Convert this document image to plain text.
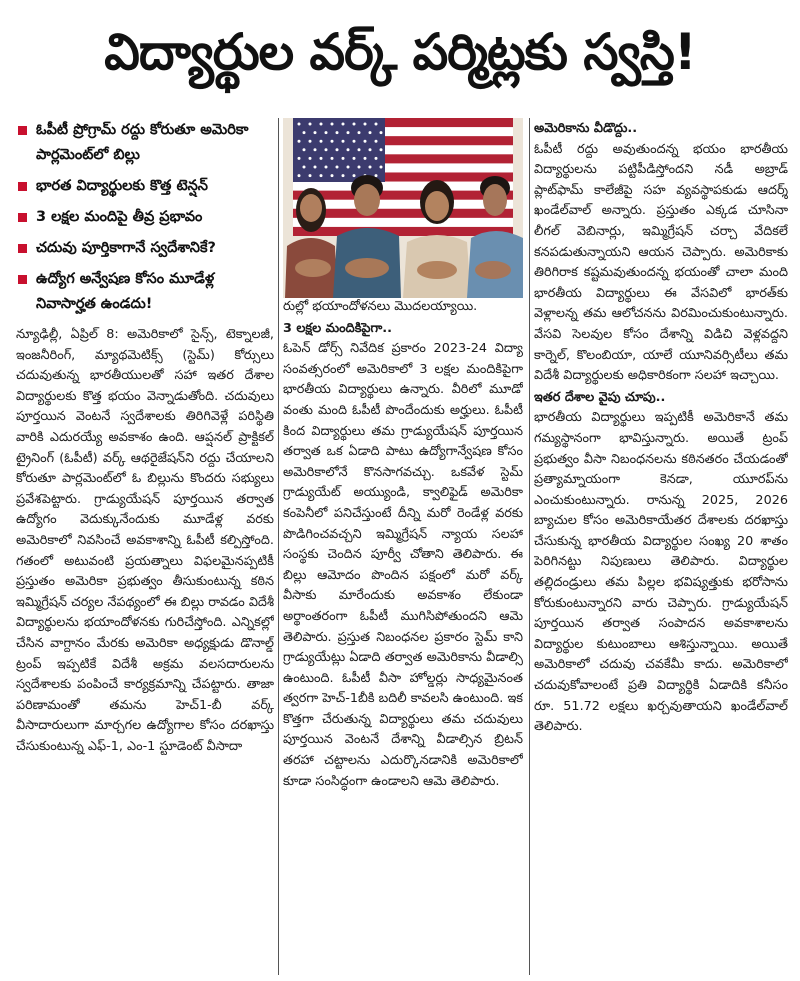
విద్యార్థుల వర్క్ పర్మిట్లకు స్వస్తి!
ఓపీటీ ప్రోగ్రామ్ రద్దు కోరుతూ అమెరికా పార్లమెంట్‌లో బిల్లు
భారత విద్యార్థులకు కొత్త టెన్షన్
3 లక్షల మందిపై తీవ్ర ప్రభావం
చదువు పూర్తికాగానే స్వదేశానికే?
ఉద్యోగ అన్వేషణ కోసం మూడేళ్ల నివాసార్హత ఉండదు!

న్యూఢిల్లీ, ఏప్రిల్ 8: అమెరికాలో సైన్స్, టెక్నాలజీ, ఇంజనీరింగ్, మ్యాథమెటిక్స్ (స్టెమ్) కోర్సులు చదువుతున్న భారతీయులతో సహా ఇతర దేశాల విద్యార్థులకు కొత్త భయం వెన్నాడుతోంది. చదువులు పూర్తయిన వెంటనే స్వదేశాలకు తిరిగివెళ్లే పరిస్థితి వారికి ఎదురయ్యే అవకాశం ఉంది. ఆప్షనల్ ప్రాక్టికల్ ట్రైనింగ్ (ఓపీటీ) వర్క్ ఆథరైజేషన్‌ని రద్దు చేయాలని కోరుతూ పార్లమెంట్‌లో ఓ బిల్లును కొందరు సభ్యులు ప్రవేశపెట్టారు. గ్రాడ్యుయేషన్ పూర్తయిన తర్వాత ఉద్యోగం వెదుక్కునేందుకు మూడేళ్ల వరకు అమెరికాలో నివసించే అవకాశాన్ని ఓపీటీ కల్పిస్తోంది. గతంలో అటువంటి ప్రయత్నాలు విఫలమైనప్పటికీ ప్రస్తుతం అమెరికా ప్రభుత్వం తీసుకుంటున్న కఠిన ఇమ్మిగ్రేషన్ చర్యల నేపథ్యంలో ఈ బిల్లు రావడం విదేశీ విద్యార్థులను భయాందోళనకు గురిచేస్తోంది. ఎన్నికల్లో చేసిన వాగ్దానం మేరకు అమెరికా అధ్యక్షుడు డొనాల్డ్ ట్రంప్ ఇప్పటికే విదేశీ అక్రమ వలసదారులను స్వదేశాలకు పంపించే కార్యక్రమాన్ని చేపట్టారు. తాజా పరిణామంతో తమను హెచ్1-బీ వర్క్ వీసాదారులుగా మార్చగల ఉద్యోగాల కోసం దరఖాస్తు చేసుకుంటున్న ఎఫ్-1, ఎం-1 స్టూడెంట్ వీసాదా

రుల్లో భయాందోళనలు మొదలయ్యాయి.

3 లక్షల మందికిపైగా..

ఓపెన్ డోర్స్ నివేదిక ప్రకారం 2023-24 విద్యా సంవత్సరంలో అమెరికాలో 3 లక్షల మందికిపైగా భారతీయ విద్యార్థులు ఉన్నారు. వీరిలో మూడో వంతు మంది ఓపీటీ పొందేందుకు అర్హులు. ఓపీటీ కింద విద్యార్థులు తమ గ్రాడ్యుయేషన్ పూర్తయిన తర్వాత ఒక ఏడాది పాటు ఉద్యోగాన్వేషణ కోసం అమెరికాలోనే కొనసాగవచ్చు. ఒకవేళ స్టెమ్ గ్రాడ్యుయేట్ అయ్యుండి, క్వాలిఫైడ్ అమెరికా కంపెనీలో పనిచేస్తుంటే దీన్ని మరో రెండేళ్ల వరకు పొడిగించవచ్చని ఇమ్మిగ్రేషన్ న్యాయ సలహా సంస్థకు చెందిన పూర్వీ చోతాని తెలిపారు. ఈ బిల్లు ఆమోదం పొందిన పక్షంలో మరో వర్క్ వీసాకు మారేందుకు అవకాశం లేకుండా అర్థాంతరంగా ఓపీటీ ముగిసిపోతుందని ఆమె తెలిపారు. ప్రస్తుత నిబంధనల ప్రకారం స్టెమ్ కాని గ్రాడ్యుయేట్లు ఏడాది తర్వాత అమెరికాను వీడాల్సి ఉంటుంది. ఓపీటీ వీసా హోల్డర్లు సాధ్యమైనంత త్వరగా హెచ్-1బీకి బదిలీ కావలసి ఉంటుంది. ఇక కొత్తగా చేరుతున్న విద్యార్థులు తమ చదువులు పూర్తయిన వెంటనే దేశాన్ని వీడాల్సిన బ్రిటన్ తరహా చట్టాలను ఎదుర్కొనడానికి అమెరికాలో కూడా సంసిద్ధంగా ఉండాలని ఆమె తెలిపారు.

అమెరికాను వీడొద్దు..

ఓపీటీ రద్దు అవుతుందన్న భయం భారతీయ విద్యార్థులను పట్టిపీడిస్తోందని నడీ అబ్రాడ్ ప్లాట్‌ఫామ్ కాలేజీపై సహ వ్యవస్థాపకుడు ఆదర్శ్ ఖండేల్‌వాల్ అన్నారు. ప్రస్తుతం ఎక్కడ చూసినా లీగల్ వెబినార్లు, ఇమ్మిగ్రేషన్ చర్చా వేదికలే కనపడుతున్నాయని ఆయన చెప్పారు. అమెరికాకు తిరిగిరాక కష్టమవుతుందన్న భయంతో చాలా మంది భారతీయ విద్యార్థులు ఈ వేసవిలో భారత్‌కు వెళ్లాలన్న తమ ఆలోచనను విరమించుకుంటున్నారు. వేసవి సెలవుల కోసం దేశాన్ని విడిచి వెళ్లవద్దని కార్నెల్, కొలంబియా, యాలే యూనివర్సిటీలు తమ విదేశీ విద్యార్థులకు అధికారికంగా సలహా ఇచ్చాయి.

ఇతర దేశాల వైపు చూపు..

భారతీయ విద్యార్థులు ఇప్పటికీ అమెరికానే తమ గమ్యస్థానంగా భావిస్తున్నారు. అయితే ట్రంప్ ప్రభుత్వం వీసా నిబంధనలను కఠినతరం చేయడంతో ప్రత్యామ్నాయంగా కెనడా, యూరప్‌ను ఎంచుకుంటున్నారు. రానున్న 2025, 2026 బ్యాచుల కోసం అమెరికాయేతర దేశాలకు దరఖాస్తు చేసుకున్న భారతీయ విద్యార్థుల సంఖ్య 20 శాతం పెరిగినట్టు నిపుణులు తెలిపారు. విద్యార్థుల తల్లిదండ్రులు తమ పిల్లల భవిష్యత్తుకు భరోసాను కోరుకుంటున్నారని వారు చెప్పారు. గ్రాడ్యుయేషన్ పూర్తయిన తర్వాత సంపాదన అవకాశాలను విద్యార్థుల కుటుంబాలు ఆశిస్తున్నాయి. అయితే అమెరికాలో చదువు చవకేమీ కాదు. అమెరికాలో చదువుకోవాలంటే ప్రతి విద్యార్థికి ఏడాదికి కనీసం రూ. 51.72 లక్షలు ఖర్చవుతాయని ఖండేల్‌వాల్ తెలిపారు.
